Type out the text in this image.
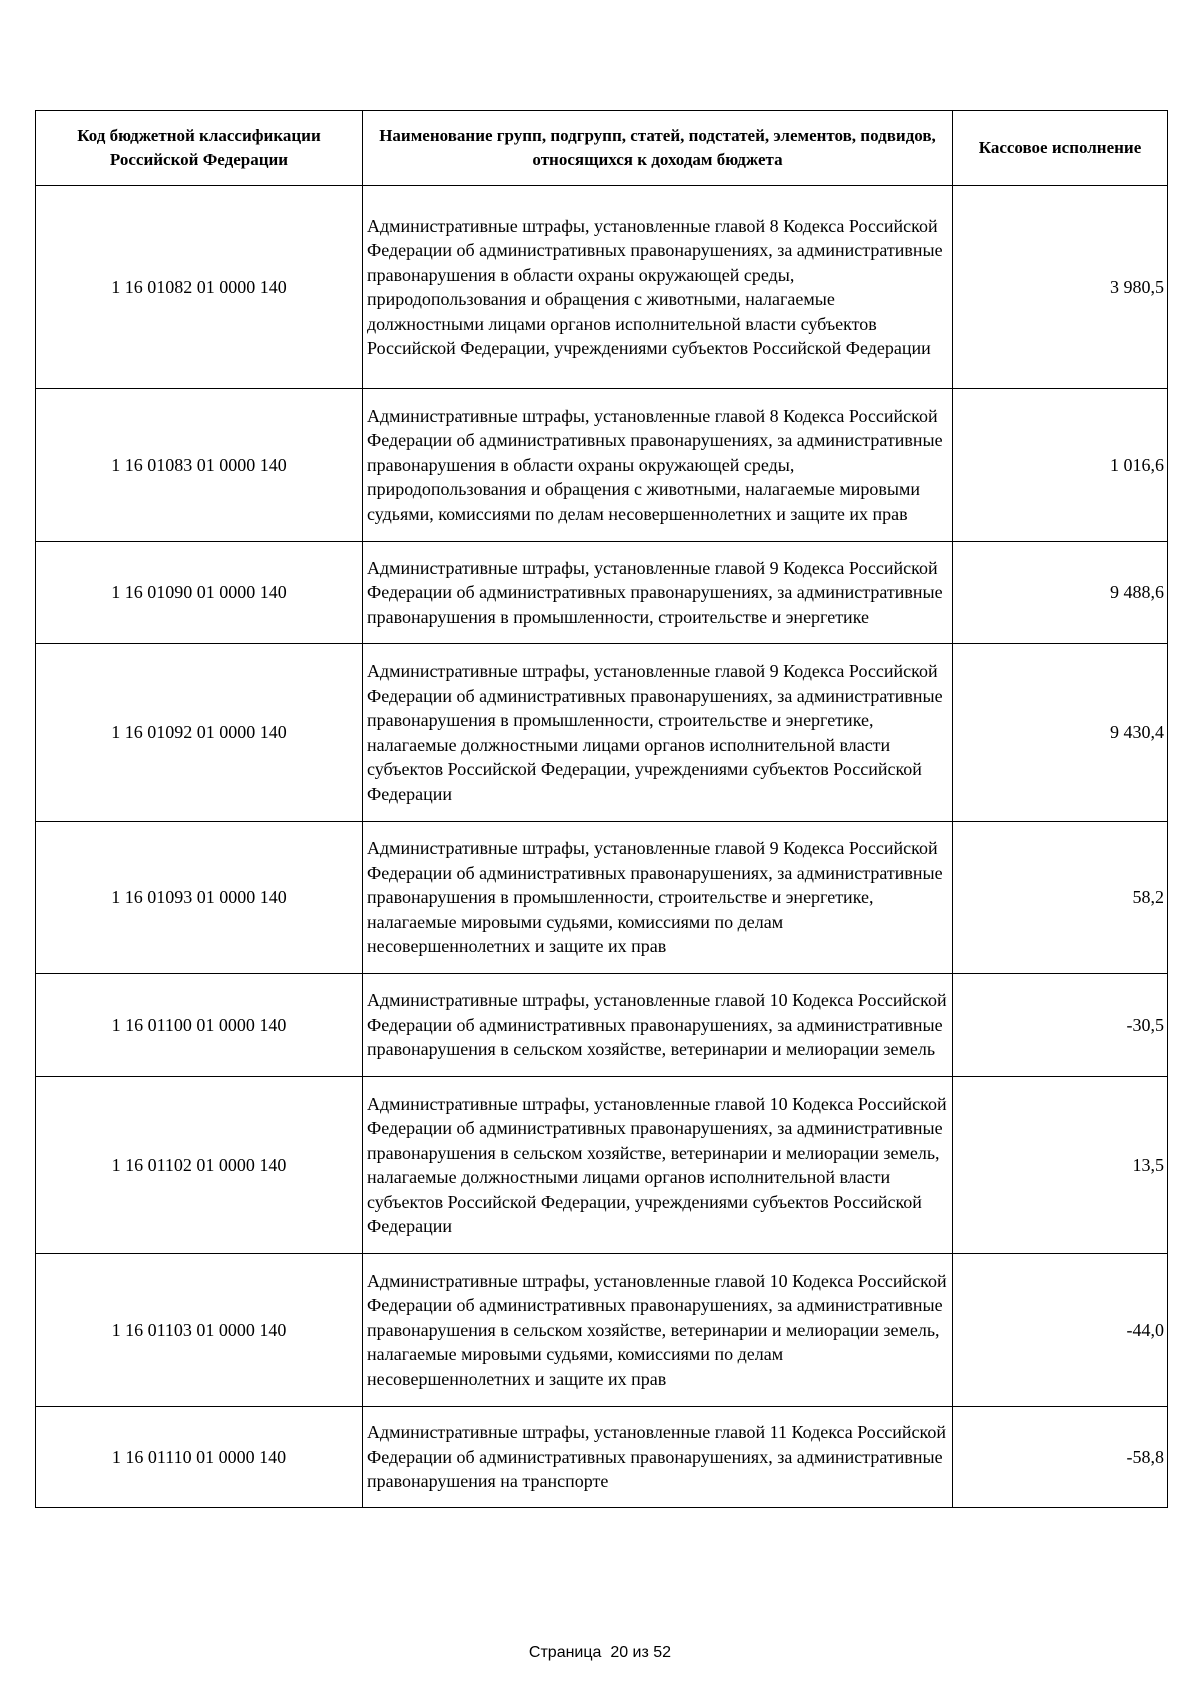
Код бюджетной классификации Российской Федерации	Наименование групп, подгрупп, статей, подстатей, элементов, подвидов, относящихся к доходам бюджета	Кассовое исполнение
1 16 01082 01 0000 140	Административные штрафы, установленные главой 8 Кодекса Российской Федерации об административных правонарушениях, за административные правонарушения в области охраны окружающей среды, природопользования и обращения с животными, налагаемые должностными лицами органов исполнительной власти субъектов Российской Федерации, учреждениями субъектов Российской Федерации	3 980,5
1 16 01083 01 0000 140	Административные штрафы, установленные главой 8 Кодекса Российской Федерации об административных правонарушениях, за административные правонарушения в области охраны окружающей среды, природопользования и обращения с животными, налагаемые мировыми судьями, комиссиями по делам несовершеннолетних и защите их прав	1 016,6
1 16 01090 01 0000 140	Административные штрафы, установленные главой 9 Кодекса Российской Федерации об административных правонарушениях, за административные правонарушения в промышленности, строительстве и энергетике	9 488,6
1 16 01092 01 0000 140	Административные штрафы, установленные главой 9 Кодекса Российской Федерации об административных правонарушениях, за административные правонарушения в промышленности, строительстве и энергетике, налагаемые должностными лицами органов исполнительной власти субъектов Российской Федерации, учреждениями субъектов Российской Федерации	9 430,4
1 16 01093 01 0000 140	Административные штрафы, установленные главой 9 Кодекса Российской Федерации об административных правонарушениях, за административные правонарушения в промышленности, строительстве и энергетике, налагаемые мировыми судьями, комиссиями по делам несовершеннолетних и защите их прав	58,2
1 16 01100 01 0000 140	Административные штрафы, установленные главой 10 Кодекса Российской Федерации об административных правонарушениях, за административные правонарушения в сельском хозяйстве, ветеринарии и мелиорации земель	-30,5
1 16 01102 01 0000 140	Административные штрафы, установленные главой 10 Кодекса Российской Федерации об административных правонарушениях, за административные правонарушения в сельском хозяйстве, ветеринарии и мелиорации земель, налагаемые должностными лицами органов исполнительной власти субъектов Российской Федерации, учреждениями субъектов Российской Федерации	13,5
1 16 01103 01 0000 140	Административные штрафы, установленные главой 10 Кодекса Российской Федерации об административных правонарушениях, за административные правонарушения в сельском хозяйстве, ветеринарии и мелиорации земель, налагаемые мировыми судьями, комиссиями по делам несовершеннолетних и защите их прав	-44,0
1 16 01110 01 0000 140	Административные штрафы, установленные главой 11 Кодекса Российской Федерации об административных правонарушениях, за административные правонарушения на транспорте	-58,8
Страница  20 из 52
